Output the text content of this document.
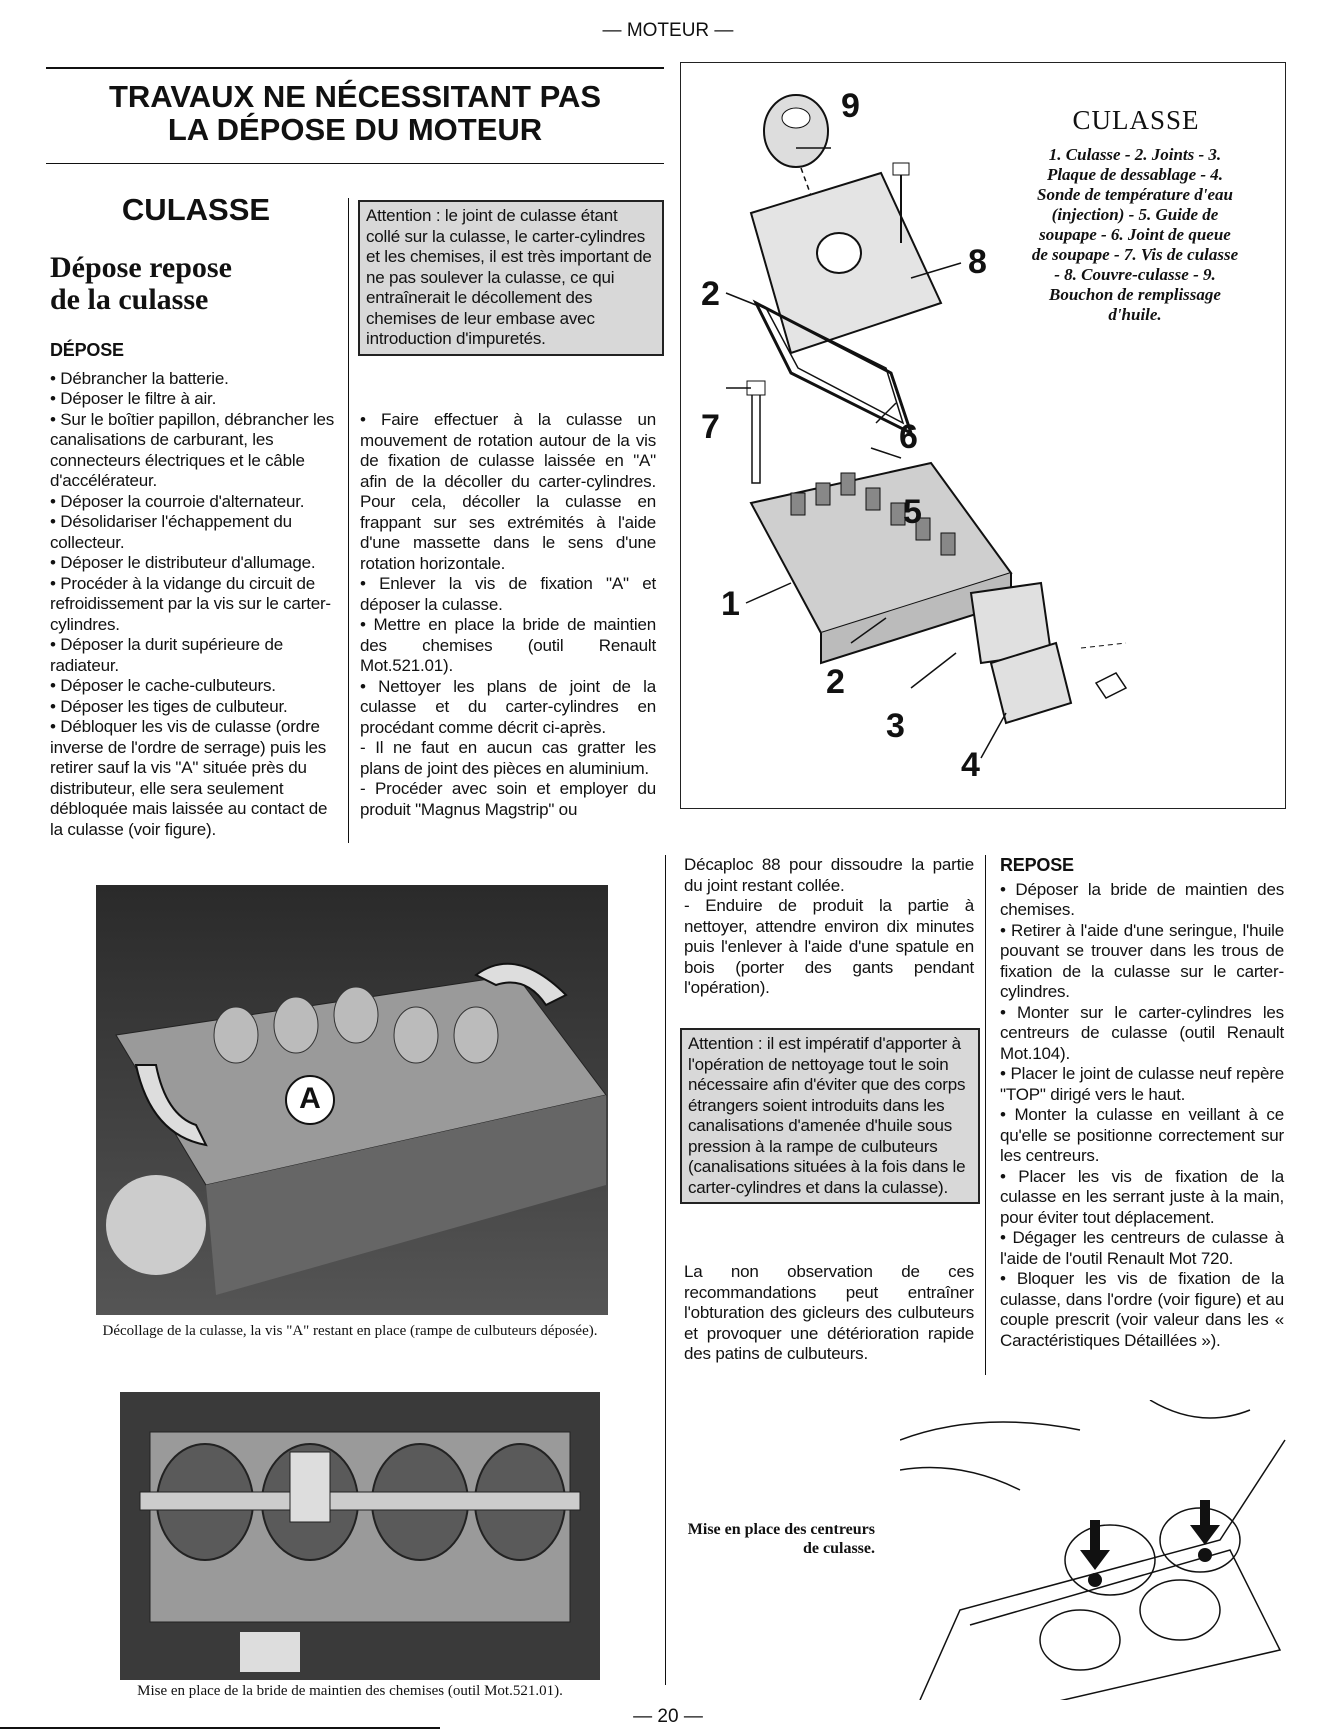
— MOTEUR —
TRAVAUX NE NÉCESSITANT PAS
LA DÉPOSE DU MOTEUR
CULASSE
Dépose repose
de la culasse
DÉPOSE

• Débrancher la batterie.

• Déposer le filtre à air.

• Sur le boîtier papillon, débrancher les canalisations de carburant, les connecteurs électriques et le câble d'accélérateur.

• Déposer la courroie d'alternateur.

• Désolidariser l'échappement du collecteur.

• Déposer le distributeur d'allumage.

• Procéder à la vidange du circuit de refroidissement par la vis sur le carter-cylindres.

• Déposer la durit supérieure de radiateur.

• Déposer le cache-culbuteurs.

• Déposer les tiges de culbuteur.

• Débloquer les vis de culasse (ordre inverse de l'ordre de serrage) puis les retirer sauf la vis "A" située près du distributeur, elle sera seulement débloquée mais laissée au contact de la culasse (voir figure).

Attention : le joint de culasse étant collé sur la culasse, le carter-cylindres et les chemises, il est très important de ne pas soulever la culasse, ce qui entraînerait le décollement des chemises de leur embase avec introduction d'impuretés.

• Faire effectuer à la culasse un mouvement de rotation autour de la vis de fixation de culasse laissée en "A" afin de la décoller du carter-cylindres. Pour cela, décoller la culasse en frappant sur ses extrémités à l'aide d'une massette dans le sens d'une rotation horizontale.

• Enlever la vis de fixation "A" et déposer la culasse.

• Mettre en place la bride de maintien des chemises (outil Renault Mot.521.01).

• Nettoyer les plans de joint de la culasse et du carter-cylindres en procédant comme décrit ci-après.

- Il ne faut en aucun cas gratter les plans de joint des pièces en aluminium.

- Procéder avec soin et employer du produit "Magnus Magstrip" ou

9
8
2
7	6
5
1
2
3
4
CULASSE
1. Culasse - 2. Joints - 3. Plaque de dessablage - 4. Sonde de température d'eau (injection) - 5. Guide de soupape - 6. Joint de queue de soupape - 7. Vis de culasse - 8. Couvre-culasse - 9. Bouchon de remplissage d'huile.
A
Décollage de la culasse, la vis "A" restant en place (rampe de culbuteurs déposée).
Mise en place de la bride de maintien des chemises (outil Mot.521.01).

Décaploc 88 pour dissoudre la partie du joint restant collée.

- Enduire de produit la partie à nettoyer, attendre environ dix minutes puis l'enlever à l'aide d'une spatule en bois (porter des gants pendant l'opération).

Attention : il est impératif d'apporter à l'opération de nettoyage tout le soin nécessaire afin d'éviter que des corps étrangers soient introduits dans les canalisations d'amenée d'huile sous pression à la rampe de culbuteurs (canalisations situées à la fois dans le carter-cylindres et dans la culasse).
La non observation de ces recommandations peut entraîner l'obturation des gicleurs des culbuteurs et provoquer une détérioration rapide des patins de culbuteurs.
REPOSE

• Déposer la bride de maintien des chemises.

• Retirer à l'aide d'une seringue, l'huile pouvant se trouver dans les trous de fixation de la culasse sur le carter-cylindres.

• Monter sur le carter-cylindres les centreurs de culasse (outil Renault Mot.104).

• Placer le joint de culasse neuf repère "TOP" dirigé vers le haut.

• Monter la culasse en veillant à ce qu'elle se positionne correctement sur les centreurs.

• Placer les vis de fixation de la culasse en les serrant juste à la main, pour éviter tout déplacement.

• Dégager les centreurs de culasse à l'aide de l'outil Renault Mot 720.

• Bloquer les vis de fixation de la culasse, dans l'ordre (voir figure) et au couple prescrit (voir valeur dans les « Caractéristiques Détaillées »).

Mise en place des centreurs de culasse.
— 20 —
